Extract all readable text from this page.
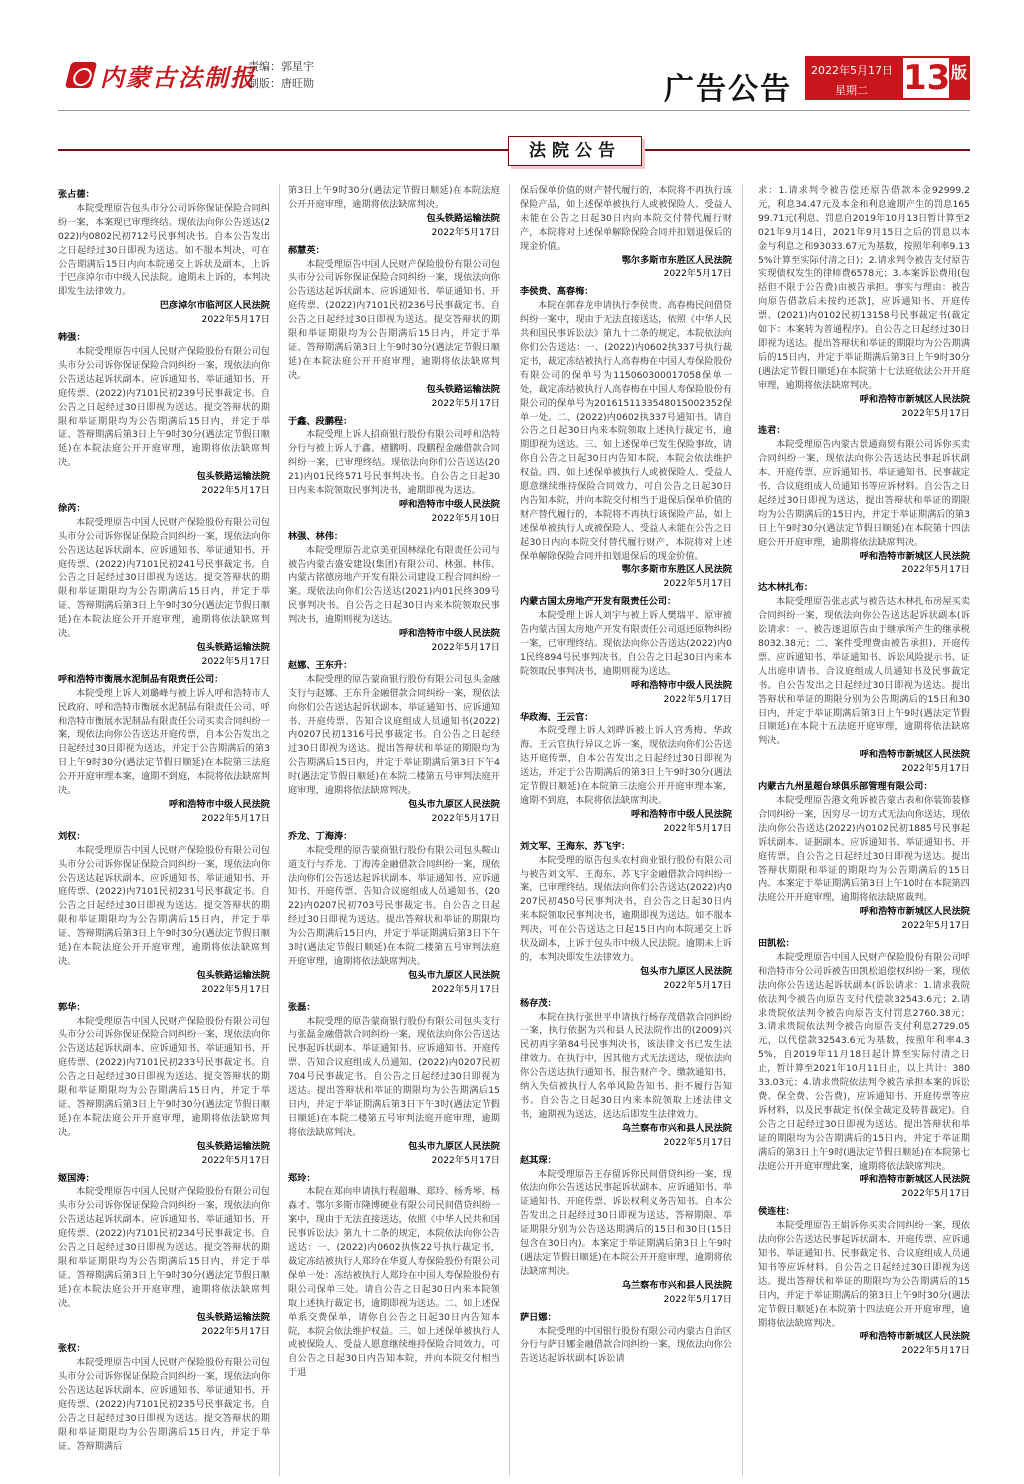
内蒙古法制报
责编：郭星宇
制版：唐旺勋	广告公告
2022年5月17日
星期二 13 版
法院公告
张占德：

本院受理原告包头市分公司诉你保证保险合同纠纷一案，本案现已审理终结。现依法向你公告送达(2022)内0802民初712号民事判决书。自本公告发出之日起经过30日即视为送达。如不服本判决，可在公告期满后15日内向本院递交上诉状及副本，上诉于巴彦淖尔市中级人民法院。逾期未上诉的，本判决即发生法律效力。

巴彦淖尔市临河区人民法院

2022年5月17日

韩强：

本院受理原告中国人民财产保险股份有限公司包头市分公司诉你保证保险合同纠纷一案，现依法向你公告送达起诉状副本、应诉通知书、举证通知书、开庭传票、(2022)内7101民初239号民事裁定书。自公告之日起经过30日即视为送达。提交答辩状的期限和举证期限均为公告期满后15日内，并定于举证、答辩期满后第3日上午9时30分(遇法定节假日顺延)在本院法庭公开开庭审理，逾期将依法缺席判决。

包头铁路运输法院

2022年5月17日

徐芮：

本院受理原告中国人民财产保险股份有限公司包头市分公司诉你保证保险合同纠纷一案，现依法向你公告送达起诉状副本、应诉通知书、举证通知书、开庭传票、(2022)内7101民初241号民事裁定书。自公告之日起经过30日即视为送达。提交答辩状的期限和举证期限均为公告期满后15日内，并定于举证、答辩期满后第3日上午9时30分(遇法定节假日顺延)在本院法庭公开开庭审理，逾期将依法缺席判决。

包头铁路运输法院

2022年5月17日

呼和浩特市衡展水泥制品有限责任公司：

本院受理上诉人刘璐峰与被上诉人呼和浩特市人民政府、呼和浩特市衡展水泥制品有限责任公司、呼和浩特市衡展水泥制品有限责任公司买卖合同纠纷一案，现依法向你公告送达开庭传票，自本公告发出之日起经过30日即视为送达，并定于公告期满后的第3日上午9时30分(遇法定节假日顺延)在本院第三法庭公开开庭审理本案，逾期不到庭，本院将依法缺席判决。

呼和浩特市中级人民法院

2022年5月17日

刘权：

本院受理原告中国人民财产保险股份有限公司包头市分公司诉你保证保险合同纠纷一案，现依法向你公告送达起诉状副本、应诉通知书、举证通知书、开庭传票、(2022)内7101民初231号民事裁定书。自公告之日起经过30日即视为送达。提交答辩状的期限和举证期限均为公告期满后15日内，并定于举证、答辩期满后第3日上午9时30分(遇法定节假日顺延)在本院法庭公开开庭审理，逾期将依法缺席判决。

包头铁路运输法院

2022年5月17日

郭华：

本院受理原告中国人民财产保险股份有限公司包头市分公司诉你保证保险合同纠纷一案，现依法向你公告送达起诉状副本、应诉通知书、举证通知书、开庭传票、(2022)内7101民初233号民事裁定书。自公告之日起经过30日即视为送达。提交答辩状的期限和举证期限均为公告期满后15日内，并定于举证、答辩期满后第3日上午9时30分(遇法定节假日顺延)在本院法庭公开开庭审理，逾期将依法缺席判决。

包头铁路运输法院

2022年5月17日

姬国涛：

本院受理原告中国人民财产保险股份有限公司包头市分公司诉你保证保险合同纠纷一案，现依法向你公告送达起诉状副本、应诉通知书、举证通知书、开庭传票、(2022)内7101民初234号民事裁定书。自公告之日起经过30日即视为送达。提交答辩状的期限和举证期限均为公告期满后15日内，并定于举证、答辩期满后第3日上午9时30分(遇法定节假日顺延)在本院法庭公开开庭审理，逾期将依法缺席判决。

包头铁路运输法院

2022年5月17日

张权：

本院受理原告中国人民财产保险股份有限公司包头市分公司诉你保证保险合同纠纷一案，现依法向你公告送达起诉状副本、应诉通知书、举证通知书、开庭传票、(2022)内7101民初235号民事裁定书。自公告之日起经过30日即视为送达。提交答辩状的期限和举证期限均为公告期满后15日内，并定于举证、答辩期满后

第3日上午9时30分(遇法定节假日顺延)在本院法庭公开开庭审理，逾期将依法缺席判决。

包头铁路运输法院

2022年5月17日

郝慧英：

本院受理原告中国人民财产保险股份有限公司包头市分公司诉你保证保险合同纠纷一案，现依法向你公告送达起诉状副本、应诉通知书、举证通知书、开庭传票、(2022)内7101民初236号民事裁定书。自公告之日起经过30日即视为送达。提交答辩状的期限和举证期限均为公告期满后15日内，并定于举证、答辩期满后第3日上午9时30分(遇法定节假日顺延)在本院法庭公开开庭审理，逾期将依法缺席判决。

包头铁路运输法院

2022年5月17日

于鑫、段鹏程：

本院受理上诉人招商银行股份有限公司呼和浩特分行与被上诉人于鑫、褚鹏明、段鹏程金融借款合同纠纷一案，已审理终结。现依法向你们公告送达(2021)内01民终571号民事判决书。自公告之日起30日内来本院领取民事判决书，逾期即视为送达。

呼和浩特市中级人民法院

2022年5月10日

林强、林伟：

本院受理原告北京美亚国林绿化有限责任公司与被告内蒙古盛安建设(集团)有限公司、林强、林伟、内蒙古铭德房地产开发有限公司建设工程合同纠纷一案。现依法向你们公告送达(2021)内01民终309号民事判决书。自公告之日起30日内来本院领取民事判决书，逾期则视为送达。

呼和浩特市中级人民法院

2022年5月17日

赵娜、王东升：

本院受理的原告蒙商银行股份有限公司包头金融支行与赵娜、王东升金融借款合同纠纷一案，现依法向你们公告送达起诉状副本、举证通知书、应诉通知书、开庭传票、告知合议庭组成人员通知书(2022)内0207民初1316号民事裁定书。自公告之日起经过30日即视为送达。提出答辩状和举证的期限均为公告期满后15日内，并定于举证期满后第3日下午4时(遇法定节假日顺延)在本院二楼第五号审判法庭开庭审理，逾期将依法缺席判决。

包头市九原区人民法院

2022年5月17日

乔龙、丁海涛：

本院受理的原告蒙商银行股份有限公司包头鞍山道支行与乔龙、丁海涛金融借款合同纠纷一案，现依法向你们公告送达起诉状副本、举证通知书、应诉通知书、开庭传票、告知合议庭组成人员通知书、(2022)内0207民初703号民事裁定书。自公告之日起经过30日即视为送达。提出答辩状和举证的期限均为公告期满后15日内，并定于举证期满后第3日下午3时(遇法定节假日顺延)在本院二楼第五号审判法庭开庭审理，逾期将依法缺席判决。

包头市九原区人民法院

2022年5月17日

张磊：

本院受理的原告蒙商银行股份有限公司包头支行与张磊金融借款合同纠纷一案，现依法向你公告送达民事起诉状副本、举证通知书、应诉通知书、开庭传票、告知合议庭组成人员通知、(2022)内0207民初704号民事裁定书。自公告之日起经过30日即视为送达。提出答辩状和举证的期限均为公告期满后15日内，并定于举证期满后第3日下午3时(遇法定节假日顺延)在本院二楼第五号审判法庭开庭审理，逾期将依法缺席判决。

包头市九原区人民法院

2022年5月17日

郑玲：

本院在郑向申请执行程超琳、郑玲、杨秀琴、杨淼才、鄂尔多斯市隆博硬业有限公司民间借贷纠纷一案中，现由于无法直接送达，依照《中华人民共和国民事诉讼法》第九十二条的规定，本院依法向你公告送达：一、(2022)内0602执恢22号执行裁定书，裁定冻结被执行人郑玲在华夏人寿保险股份有限公司保单一处：冻结被执行人郑玲在中国人寿保险股份有限公司保单三处。请自公告之日起30日内来本院领取上述执行裁定书，逾期即视为送达。二、如上述保单系交费保单，请你自公告之日起30日内告知本院，本院会依法维护权益。三、如上述保单被执行人或被保险人、受益人愿意继续维持保险合同效力，可自公告之日起30日内告知本院，并向本院交付相当于退

保后保单价值的财产替代履行的，本院将不再执行该保险产品，如上述保单被执行人或被保险人、受益人未能在公告之日起30日内向本院交付替代履行财产，本院将对上述保单解除保险合同并扣划退保后的现金价值。

鄂尔多斯市东胜区人民法院

2022年5月17日

李侯贵、高春梅：

本院在郭春龙申请执行李侯贵、高春梅民间借贷纠纷一案中，现由于无法直接送达，依照《中华人民共和国民事诉讼法》第九十二条的规定，本院依法向你们公告送达：一、(2022)内0602执337号执行裁定书，裁定冻结被执行人高春梅在中国人寿保险股份有限公司的保单号为115060300017058保单一处，裁定冻结被执行人高春梅在中国人寿保险股份有限公司的保单号为2016151133548015002352保单一处。二、(2022)内0602执337号通知书。请自公告之日起30日内来本院领取上述执行裁定书，逾期即视为送达。三、如上述保单已发生保险事故，请你自公告之日起30日内告知本院，本院会依法维护权益。四、如上述保单被执行人或被保险人、受益人愿意继续维持保险合同效力，可自公告之日起30日内告知本院，并向本院交付相当于退保后保单价值的财产替代履行的，本院将不再执行该保险产品，如上述保单被执行人或被保险人、受益人未能在公告之日起30日内向本院交付替代履行财产，本院将对上述保单解除保险合同并扣划退保后的现金价值。

鄂尔多斯市东胜区人民法院

2022年5月17日

内蒙古国太房地产开发有限责任公司：

本院受理上诉人刘宇与被上诉人樊瑞平、原审被告内蒙古国太房地产开发有限责任公司返还原物纠纷一案，已审理终结。现依法向你公告送达(2022)内01民终894号民事判决书。自公告之日起30日内来本院领取民事判决书，逾期则视为送达。

呼和浩特市中级人民法院

2022年5月17日

华政海、王云官：

本院受理上诉人刘晔诉被上诉人宫秀梅、华政海、王云官执行异议之诉一案，现依法向你们公告送达开庭传票，自本公告发出之日起经过30日即视为送达，并定于公告期满后的第3日上午9时30分(遇法定节假日顺延)在本院第三法庭公开开庭审理本案，逾期不到庭，本院将依法缺席判决。

呼和浩特市中级人民法院

2022年5月17日

刘文军、王海东、苏飞宇：

本院受理的原告包头农村商业银行股份有限公司与被告刘文军、王海东、苏飞宇金融借款合同纠纷一案，已审理终结。现依法向你们公告送达(2022)内0207民初450号民事判决书，自公告之日起30日内来本院领取民事判决书，逾期即视为送达。如不服本判决，可在公告送达之日起15日内向本院递交上诉状及副本，上诉于包头市中级人民法院。逾期未上诉的，本判决即发生法律效力。

包头市九原区人民法院

2022年5月17日

杨存茂：

本院在执行张世平申请执行杨存茂借款合同纠纷一案，执行依据为兴和县人民法院作出的(2009)兴民初再字第84号民事判决书，该法律文书已发生法律效力。在执行中，因其他方式无法送达，现依法向你公告送达执行通知书、报告财产令、缴款通知书、纳入失信被执行人名单风险告知书、拒不履行告知书。自公告之日起30日内来本院领取上述法律文书，逾期视为送达，送达后即发生法律效力。

乌兰察布市兴和县人民法院

2022年5月17日

赵其琛：

本院受理原告王存留诉你民间借贷纠纷一案，现依法向你公告送达民事起诉状副本、应诉通知书、举证通知书、开庭传票、诉讼权利义务告知书。自本公告发出之日起经过30日即视为送达，答辩期限、举证期限分别为公告送达期满后的15日和30日(15日包含在30日内)。本案定于举证期满后第3日上午9时(遇法定节假日顺延)在本院公开开庭审理，逾期将依法缺席判决。

乌兰察布市兴和县人民法院

2022年5月17日

萨日娜：

本院受理的中国银行股份有限公司内蒙古自治区分行与萨日娜金融借款合同纠纷一案，现依法向你公告送达起诉状副本[诉讼请

求：1.请求判令被告偿还原告借款本金92999.2元，利息34.47元及本金和利息逾期产生的罚息16599.71元(利息、罚息自2019年10月13日暂计算至2021年9月14日，2021年9月15日之后的罚息以本金与利息之和93033.67元为基数，按照年利率9.135%计算至实际付清之日)；2.请求判令被告支付原告实现债权发生的律师费6578元；3.本案诉讼费用(包括但不限于公告费)由被告承担。事实与理由：被告向原告借款后未按约还款]，应诉通知书、开庭传票、(2021)内0102民初13158号民事裁定书(裁定如下：本案转为普通程序)。自公告之日起经过30日即视为送达。提出答辩状和举证的期限均为公告期满后的15日内，并定于举证期满后第3日上午9时30分(遇法定节假日顺延)在本院第十七法庭依法公开开庭审理，逾期将依法缺席判决。

呼和浩特市新城区人民法院

2022年5月17日

连君：

本院受理原告内蒙古景通商贸有限公司诉你买卖合同纠纷一案，现依法向你公告送达民事起诉状副本、开庭传票、应诉通知书、举证通知书、民事裁定书、合议庭组成人员通知书等应诉材料。自公告之日起经过30日即视为送达，提出答辩状和举证的期限均为公告期满后的15日内，并定于举证期满后的第3日上午9时30分(遇法定节假日顺延)在本院第十四法庭公开开庭审理，逾期将依法缺席判决。

呼和浩特市新城区人民法院

2022年5月17日

达木林扎布：

本院受理原告张志武与被告达木林扎布房屋买卖合同纠纷一案，现依法向你公告送达起诉状副本(诉讼请求：一、被告逐退原告由于继承所产生的继承税8032.38元；二、案件受理费由被告承担)、开庭传票、应诉通知书、举证通知书、诉讼风险提示书、证人出庭申请书、合议庭组成人员通知书及民事裁定书。自公告发出之日起经过30日即视为送达。提出答辩状和举证的期限分别为公告期满后的15日和30日内，并定于举证期满后第3日上午9时(遇法定节假日顺延)在本院十五法庭开庭审理，逾期将依法缺席判决。

呼和浩特市新城区人民法院

2022年5月17日

内蒙古九州星超台球俱乐部管理有限公司：

本院受理原告港文苑诉被告蒙古表和你装饰装修合同纠纷一案，因穷尽一切方式无法向你送达，现依法向你公告送达(2022)内0102民初1885号民事起诉状副本、证据副本、应诉通知书、举证通知书、开庭传票，自公告之日起经过30日即视为送达。提出答辩状期限和举证的期限均为公告期满后的15日内。本案定于举证期满后第3日上午10时在本院第四法庭公开开庭审理，逾期将依法缺席裁判。

呼和浩特市新城区人民法院

2022年5月17日

田凯松：

本院受理原告中国人民财产保险股份有限公司呼和浩特市分公司诉被告田凯松追偿权纠纷一案，现依法向你公告送达起诉状副本(诉讼请求：1.请求我院依法判令被告向原告支付代偿款32543.6元；2.请求贵院依法判令被告向原告支付罚息2760.38元；3.请求贵院依法判令被告向原告支付利息2729.05元，以代偿款32543.6元为基数，按照年利率4.35%，自2019年11月18日起计算至实际付清之日止，暂计算至2021年10月11日止，以上共计：38033.03元；4.请求贵院依法判令被告承担本案的诉讼费、保全费、公告费)，应诉通知书、开庭传票等应诉材料，以及民事裁定书(保全裁定及转普裁定)。自公告之日起经过30日即视为送达。提出答辩状和举证的期限均为公告期满后的15日内，并定于举证期满后的第3日上午9时(遇法定节假日顺延)在本院第七法庭公开开庭审理此案，逾期将依法缺席判决。

呼和浩特市新城区人民法院

2022年5月17日

侯连柱：

本院受理原告王娟诉你买卖合同纠纷一案，现依法向你公告送达民事起诉状副本、开庭传票、应诉通知书、举证通知书、民事裁定书、合议庭组成人员通知书等应诉材料。自公告之日起经过30日即视为送达。提出答辩状和举证的期限均为公告期满后的15日内，并定于举证期满后的第3日上午9时30分(遇法定节假日顺延)在本院第十四法庭公开开庭审理，逾期将依法缺席判决。

呼和浩特市新城区人民法院

2022年5月17日
